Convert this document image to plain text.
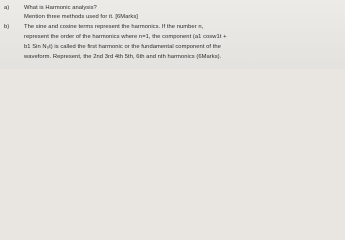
a)	What is Harmonic analysis?
Mention three methods used for it. [6Marks]
b)	The sine and cosine terms represent the harmonics. If the number n,
represent the order of the harmonics where n=1, the component (a1 cosw1t +
b1 Sin N₀t) is called the first harmonic or the fundamental component of the
waveform. Represent, the 2nd 3rd 4th 5th, 6th and nth harmonics (6Marks).
